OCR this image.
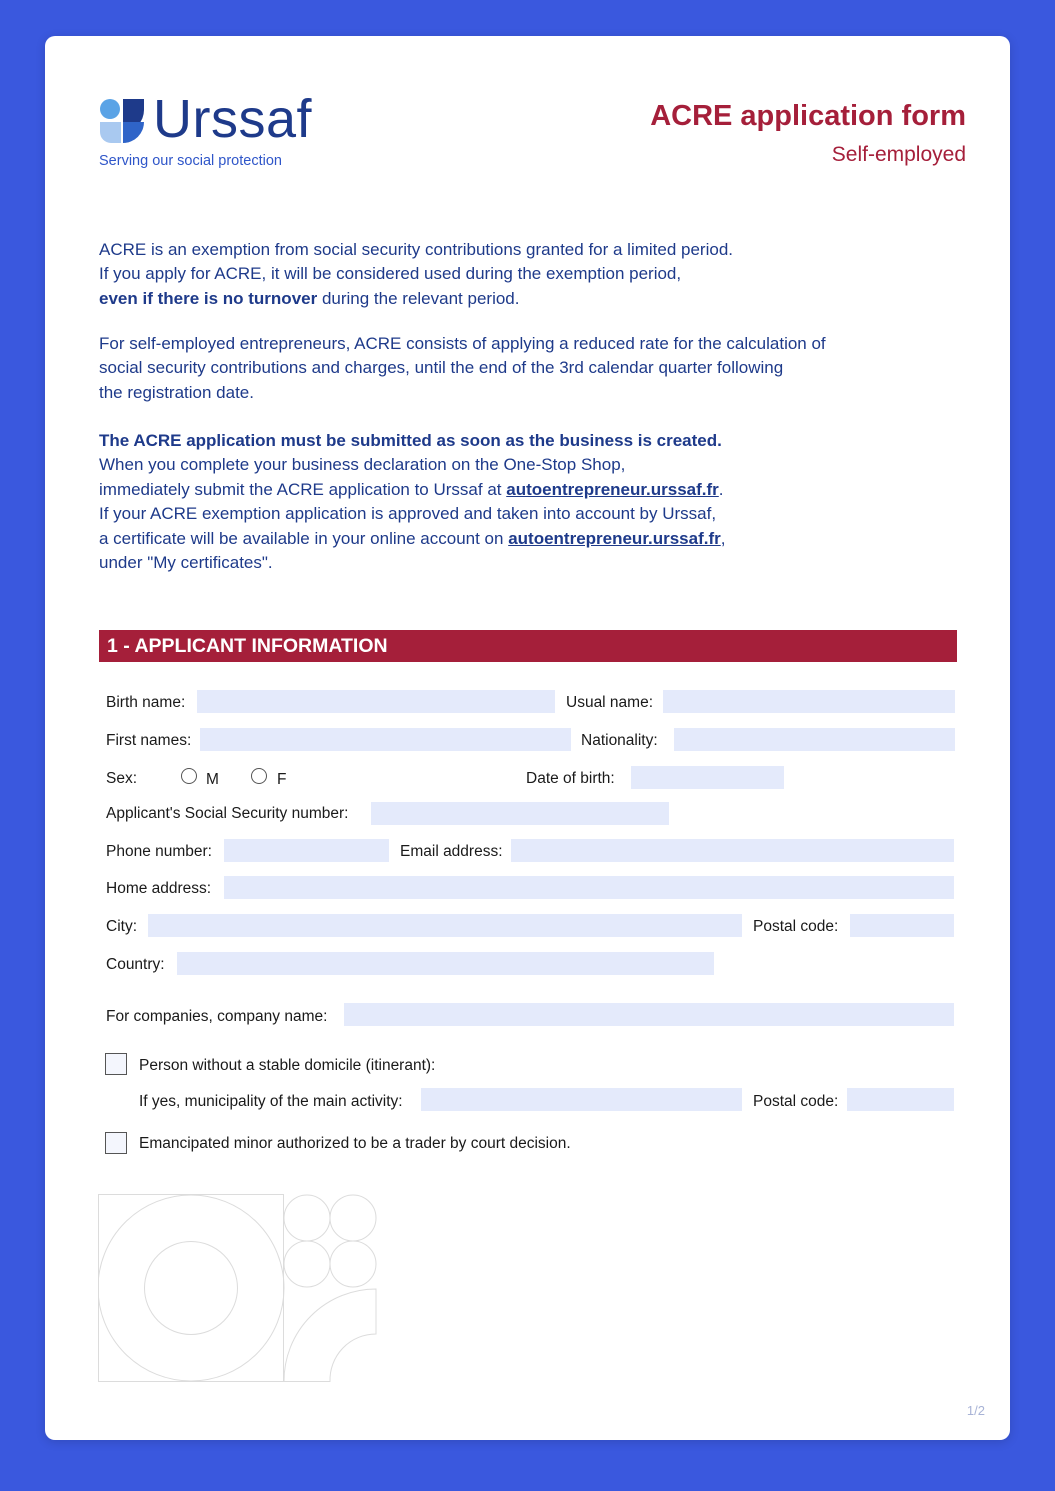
Urssaf
Serving our social protection
ACRE application form
Self-employed

ACRE is an exemption from social security contributions granted for a limited period.

If you apply for ACRE, it will be considered used during the exemption period,

even if there is no turnover during the relevant period.

For self-employed entrepreneurs, ACRE consists of applying a reduced rate for the calculation of

social security contributions and charges, until the end of the 3rd calendar quarter following

the registration date.

The ACRE application must be submitted as soon as the business is created.

When you complete your business declaration on the One-Stop Shop,

immediately submit the ACRE application to Urssaf at autoentrepreneur.urssaf.fr.

If your ACRE exemption application is approved and taken into account by Urssaf,

a certificate will be available in your online account on autoentrepreneur.urssaf.fr,

under "My certificates".

1 - APPLICANT INFORMATION
Birth name:	Usual name:
First names:	Nationality:
Sex:	M	F	Date of birth:
Applicant's Social Security number:
Phone number:	Email address:
Home address:
City:	Postal code:
Country:
For companies, company name:
Person without a stable domicile (itinerant):
If yes, municipality of the main activity:	Postal code:
Emancipated minor authorized to be a trader by court decision.
1/2
